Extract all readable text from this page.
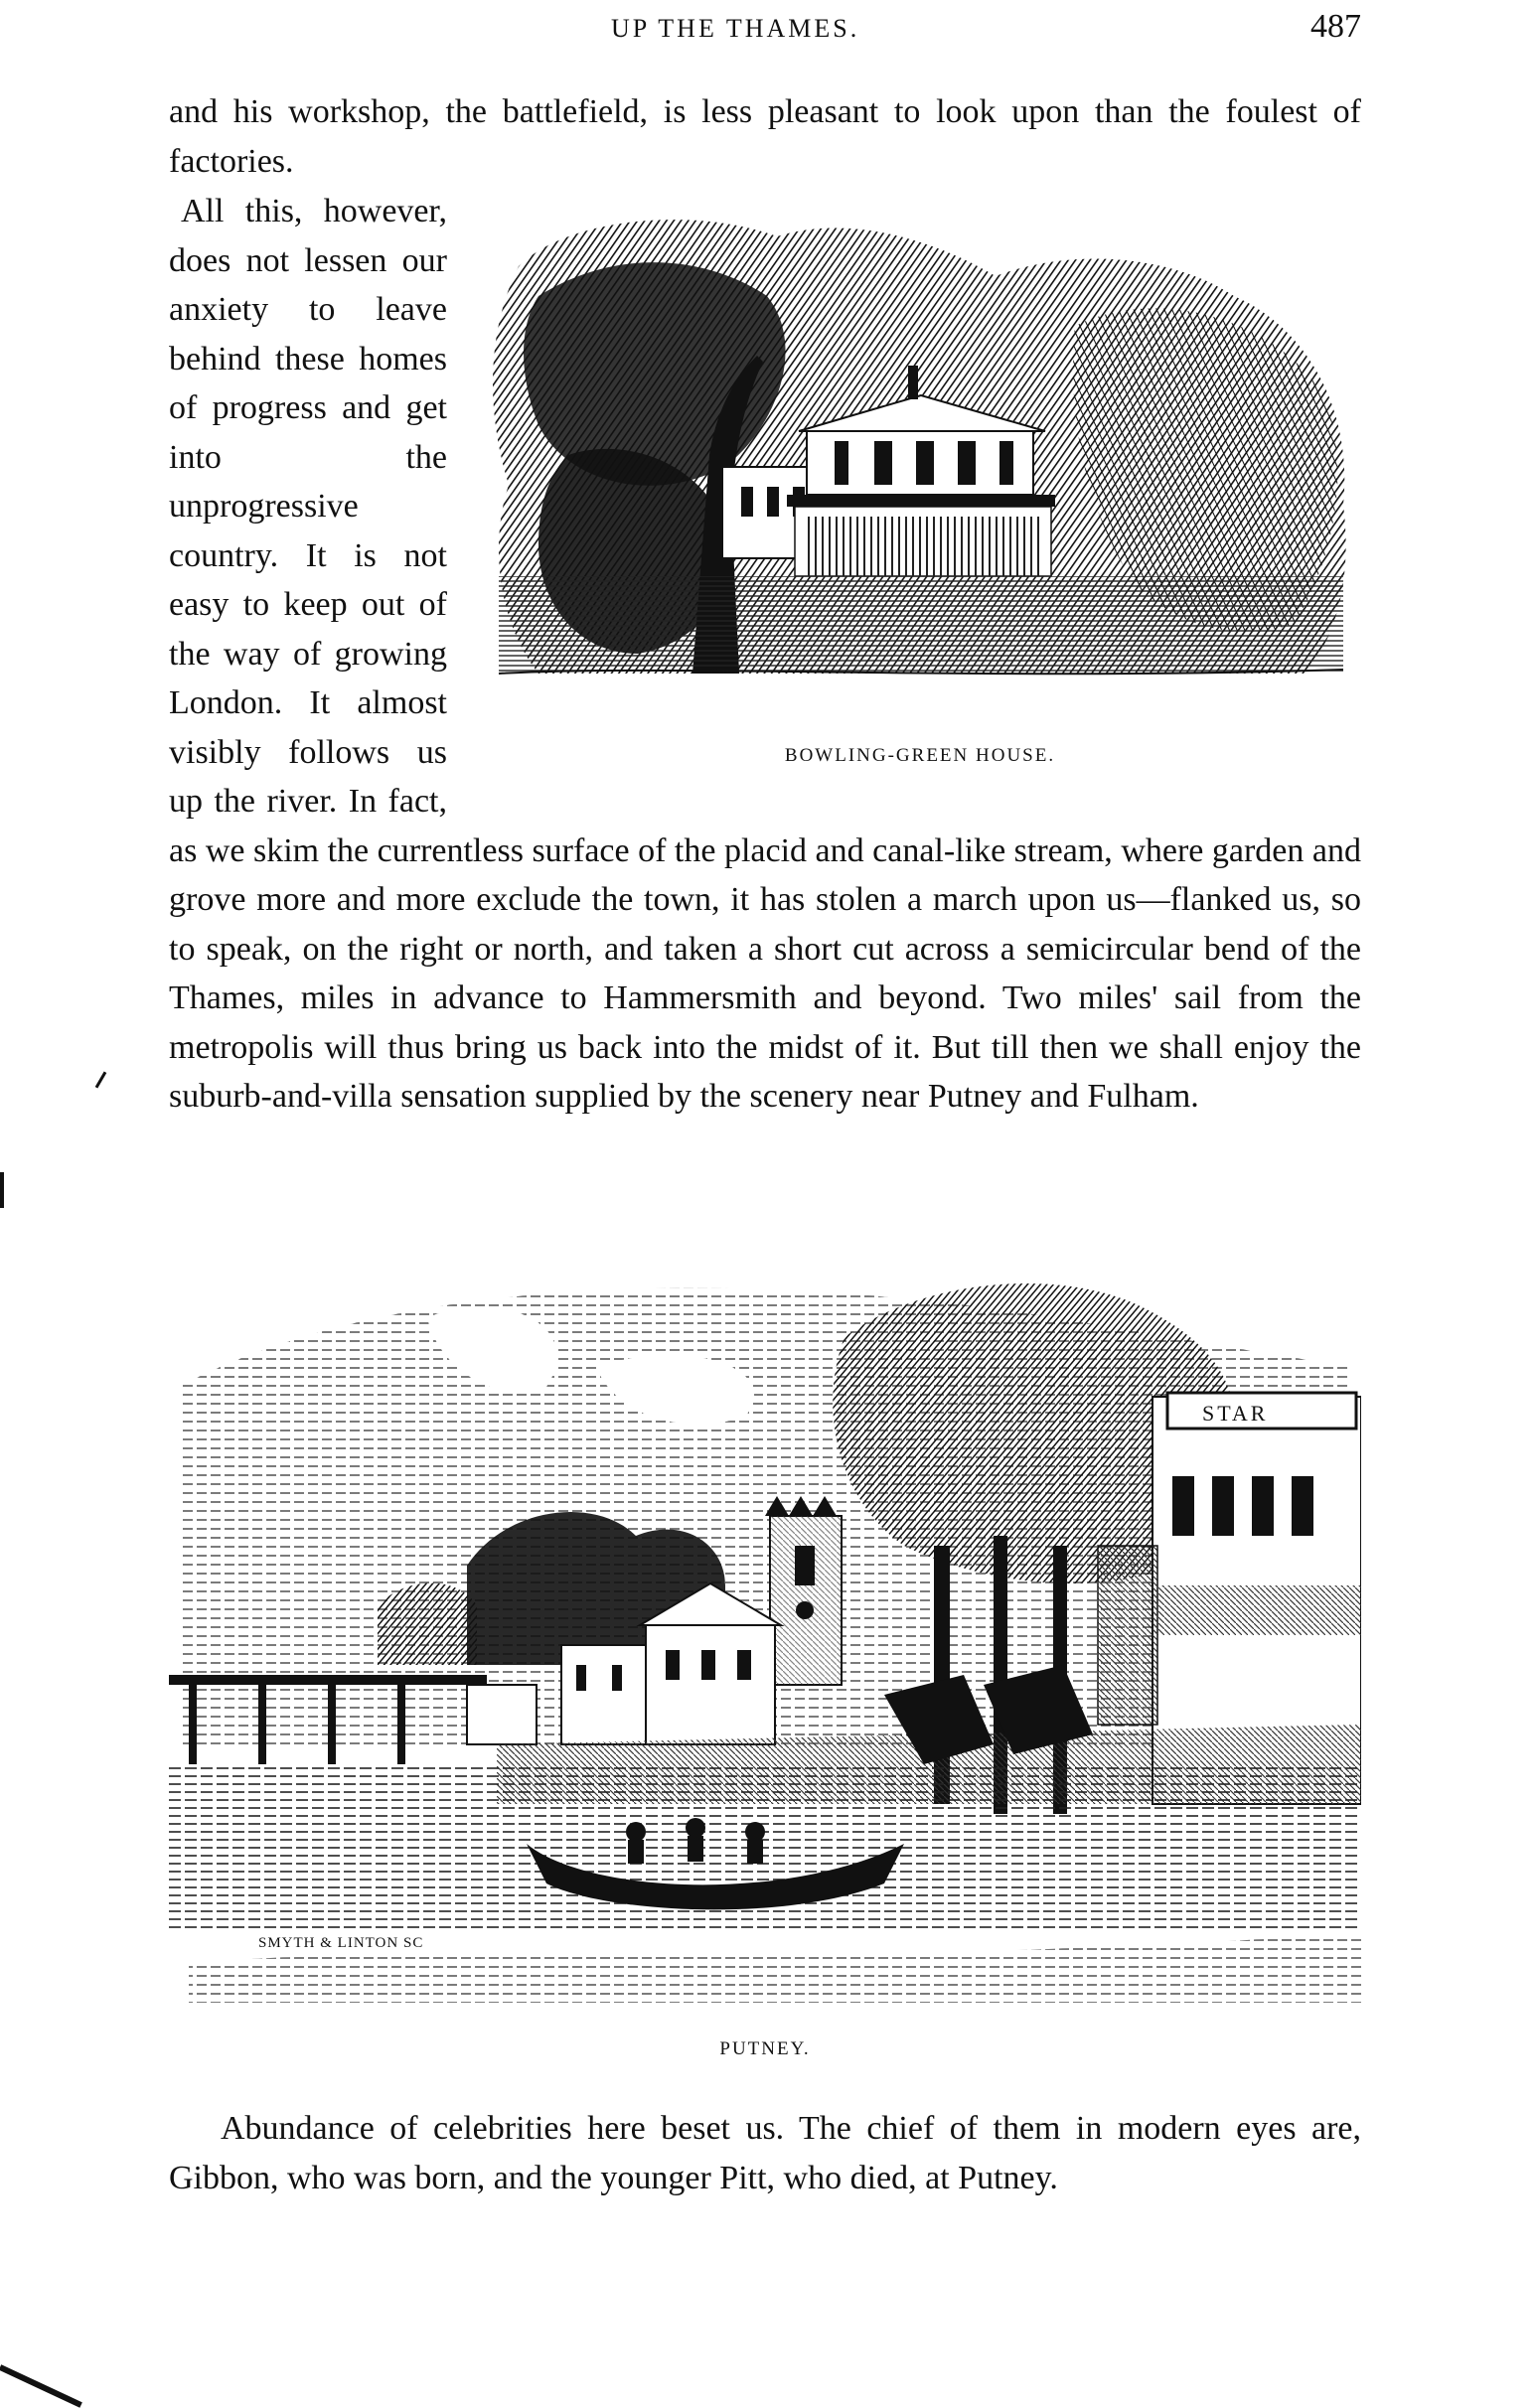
UP THE THAMES.	487

and his workshop, the battlefield, is less pleasant to look upon than the foulest of factories.

BOWLING-GREEN HOUSE.
All this, however, does not lessen our anxiety to leave behind these homes of progress and get into the unprogressive country. It is not easy to keep out of the way of growing London. It almost visibly follows us up the river. In fact, as we skim the currentless surface of the placid and canal-like stream, where garden and grove more and more exclude the town, it has stolen a march upon us—flanked us, so to speak, on the right or north, and taken a short cut across a semicircular bend of the Thames, miles in advance to Hammersmith and beyond. Two miles' sail from the metropolis will thus bring us back into the midst of it. But till then we shall enjoy the suburb-and-villa sensation supplied by the scenery near Putney and Fulham.
STAR
SMYTH & LINTON SC
PUTNEY.

Abundance of celebrities here beset us. The chief of them in modern eyes are, Gibbon, who was born, and the younger Pitt, who died, at Putney.
